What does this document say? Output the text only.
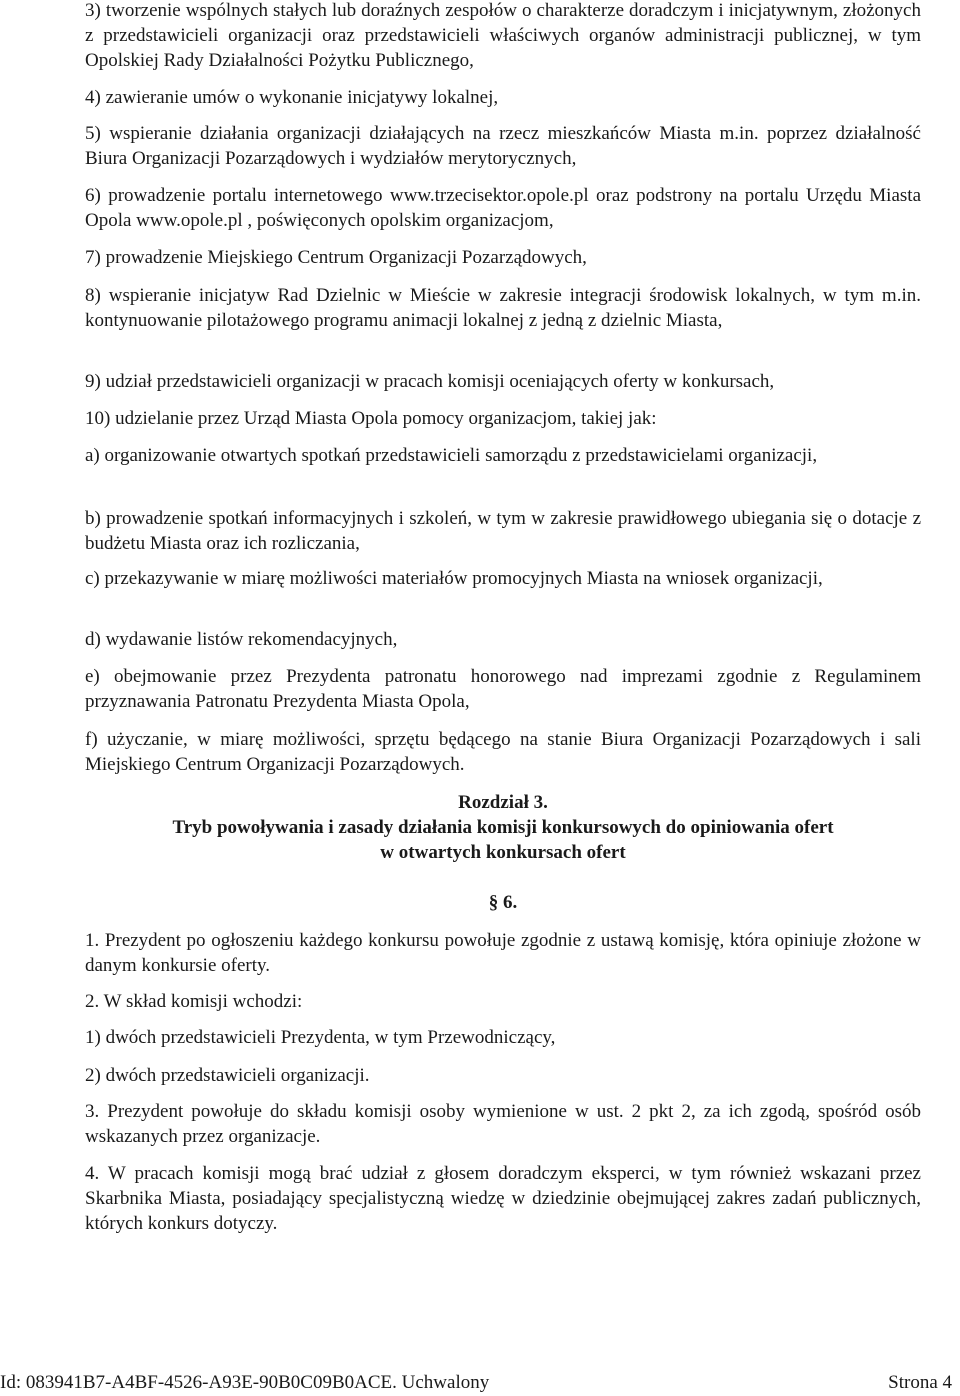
3) tworzenie wspólnych stałych lub doraźnych zespołów o charakterze doradczym i inicjatywnym, złożonych z przedstawicieli organizacji oraz przedstawicieli właściwych organów administracji publicznej, w tym Opolskiej Rady Działalności Pożytku Publicznego,

4) zawieranie umów o wykonanie inicjatywy lokalnej,

5) wspieranie działania organizacji działających na rzecz mieszkańców Miasta m.in. poprzez działalność Biura Organizacji Pozarządowych i wydziałów merytorycznych,

6) prowadzenie portalu internetowego www.trzecisektor.opole.pl oraz podstrony na portalu Urzędu Miasta Opola www.opole.pl , poświęconych opolskim organizacjom,

7) prowadzenie Miejskiego Centrum Organizacji Pozarządowych,

8) wspieranie inicjatyw Rad Dzielnic w Mieście w zakresie integracji środowisk lokalnych, w tym m.in. kontynuowanie pilotażowego programu animacji lokalnej z jedną z dzielnic Miasta,

9) udział przedstawicieli organizacji w pracach komisji oceniających oferty w konkursach,

10) udzielanie przez Urząd Miasta Opola pomocy organizacjom, takiej jak:

a) organizowanie otwartych spotkań przedstawicieli samorządu z przedstawicielami organizacji,

b) prowadzenie spotkań informacyjnych i szkoleń, w tym w zakresie prawidłowego ubiegania się o dotacje z budżetu Miasta oraz ich rozliczania,

c) przekazywanie w miarę możliwości materiałów promocyjnych Miasta na wniosek organizacji,

d) wydawanie listów rekomendacyjnych,

e) obejmowanie przez Prezydenta patronatu honorowego nad imprezami zgodnie z Regulaminem przyznawania Patronatu Prezydenta Miasta Opola,

f) użyczanie, w miarę możliwości, sprzętu będącego na stanie Biura Organizacji Pozarządowych i sali Miejskiego Centrum Organizacji Pozarządowych.

Rozdział 3.

Tryb powoływania i zasady działania komisji konkursowych do opiniowania ofert

w otwartych konkursach ofert

§ 6.

1. Prezydent po ogłoszeniu każdego konkursu powołuje zgodnie z ustawą komisję, która opiniuje złożone w danym konkursie oferty.

2. W skład komisji wchodzi:

1) dwóch przedstawicieli Prezydenta, w tym Przewodniczący,

2) dwóch przedstawicieli organizacji.

3. Prezydent powołuje do składu komisji osoby wymienione w ust. 2 pkt 2, za ich zgodą, spośród osób wskazanych przez organizacje.

4. W pracach komisji mogą brać udział z głosem doradczym eksperci, w tym również wskazani przez Skarbnika Miasta, posiadający specjalistyczną wiedzę w dziedzinie obejmującej zakres zadań publicznych, których konkurs dotyczy.

Id: 083941B7-A4BF-4526-A93E-90B0C09B0ACE. Uchwalony	Strona 4
